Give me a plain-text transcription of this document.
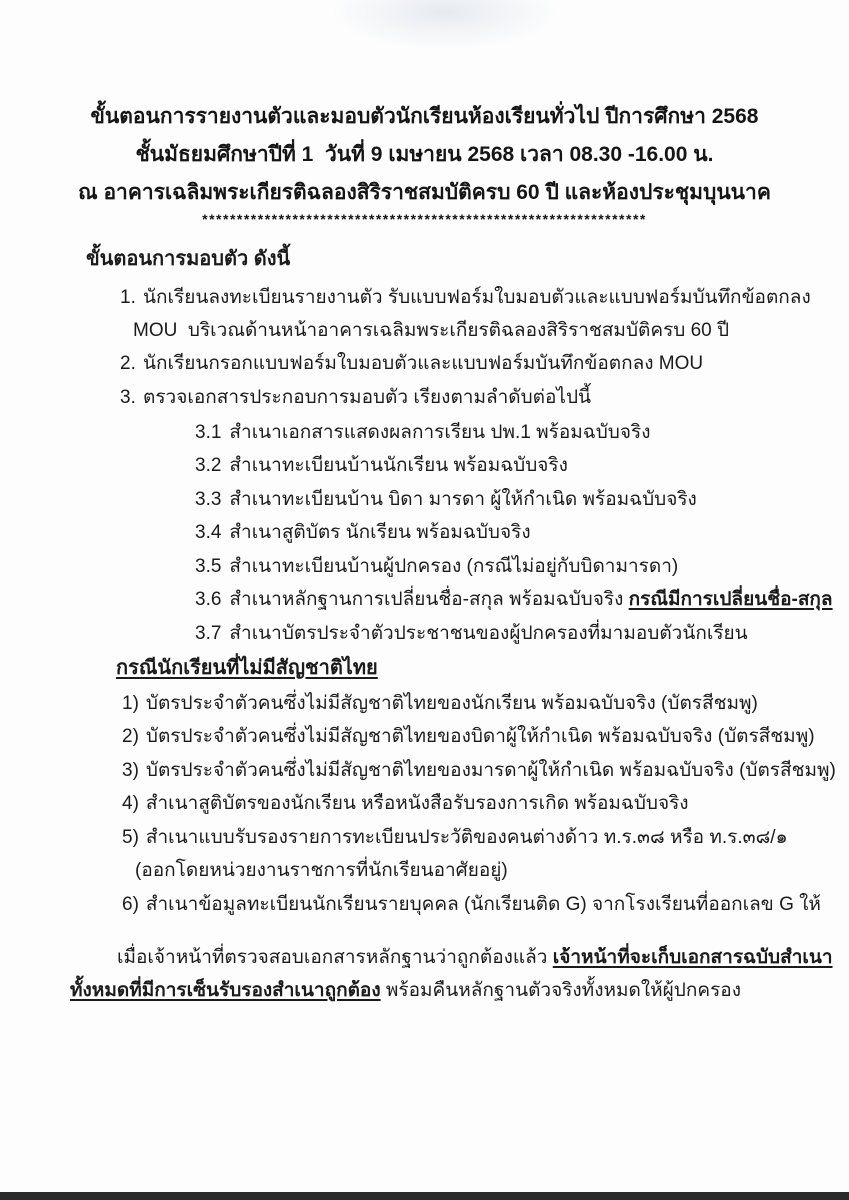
ขั้นตอนการรายงานตัวและมอบตัวนักเรียนห้องเรียนทั่วไป ปีการศึกษา 2568
ชั้นมัธยมศึกษาปีที่ 1  วันที่ 9 เมษายน 2568 เวลา 08.30 -16.00 น.
ณ อาคารเฉลิมพระเกียรติฉลองสิริราชสมบัติครบ 60 ปี และห้องประชุมบุนนาค
****************************************************************
ขั้นตอนการมอบตัว ดังนี้
1. นักเรียนลงทะเบียนรายงานตัว รับแบบฟอร์มใบมอบตัวและแบบฟอร์มบันทึกข้อตกลง
MOU  บริเวณด้านหน้าอาคารเฉลิมพระเกียรติฉลองสิริราชสมบัติครบ 60 ปี
2. นักเรียนกรอกแบบฟอร์มใบมอบตัวและแบบฟอร์มบันทึกข้อตกลง MOU
3. ตรวจเอกสารประกอบการมอบตัว เรียงตามลำดับต่อไปนี้
3.1 สำเนาเอกสารแสดงผลการเรียน ปพ.1 พร้อมฉบับจริง
3.2 สำเนาทะเบียนบ้านนักเรียน พร้อมฉบับจริง
3.3 สำเนาทะเบียนบ้าน บิดา มารดา ผู้ให้กำเนิด พร้อมฉบับจริง
3.4 สำเนาสูติบัตร นักเรียน พร้อมฉบับจริง
3.5 สำเนาทะเบียนบ้านผู้ปกครอง (กรณีไม่อยู่กับบิดามารดา)
3.6 สำเนาหลักฐานการเปลี่ยนชื่อ-สกุล พร้อมฉบับจริง กรณีมีการเปลี่ยนชื่อ-สกุล
3.7 สำเนาบัตรประจำตัวประชาชนของผู้ปกครองที่มามอบตัวนักเรียน
กรณีนักเรียนที่ไม่มีสัญชาติไทย
1) บัตรประจำตัวคนซึ่งไม่มีสัญชาติไทยของนักเรียน พร้อมฉบับจริง (บัตรสีชมพู)
2) บัตรประจำตัวคนซึ่งไม่มีสัญชาติไทยของบิดาผู้ให้กำเนิด พร้อมฉบับจริง (บัตรสีชมพู)
3) บัตรประจำตัวคนซึ่งไม่มีสัญชาติไทยของมารดาผู้ให้กำเนิด พร้อมฉบับจริง (บัตรสีชมพู)
4) สำเนาสูติบัตรของนักเรียน หรือหนังสือรับรองการเกิด พร้อมฉบับจริง
5) สำเนาแบบรับรองรายการทะเบียนประวัติของคนต่างด้าว ท.ร.๓๘ หรือ ท.ร.๓๘/๑
(ออกโดยหน่วยงานราชการที่นักเรียนอาศัยอยู่)
6) สำเนาข้อมูลทะเบียนนักเรียนรายบุคคล (นักเรียนติด G) จากโรงเรียนที่ออกเลข G ให้
เมื่อเจ้าหน้าที่ตรวจสอบเอกสารหลักฐานว่าถูกต้องแล้ว เจ้าหน้าที่จะเก็บเอกสารฉบับสำเนา
ทั้งหมดที่มีการเซ็นรับรองสำเนาถูกต้อง พร้อมคืนหลักฐานตัวจริงทั้งหมดให้ผู้ปกครอง
